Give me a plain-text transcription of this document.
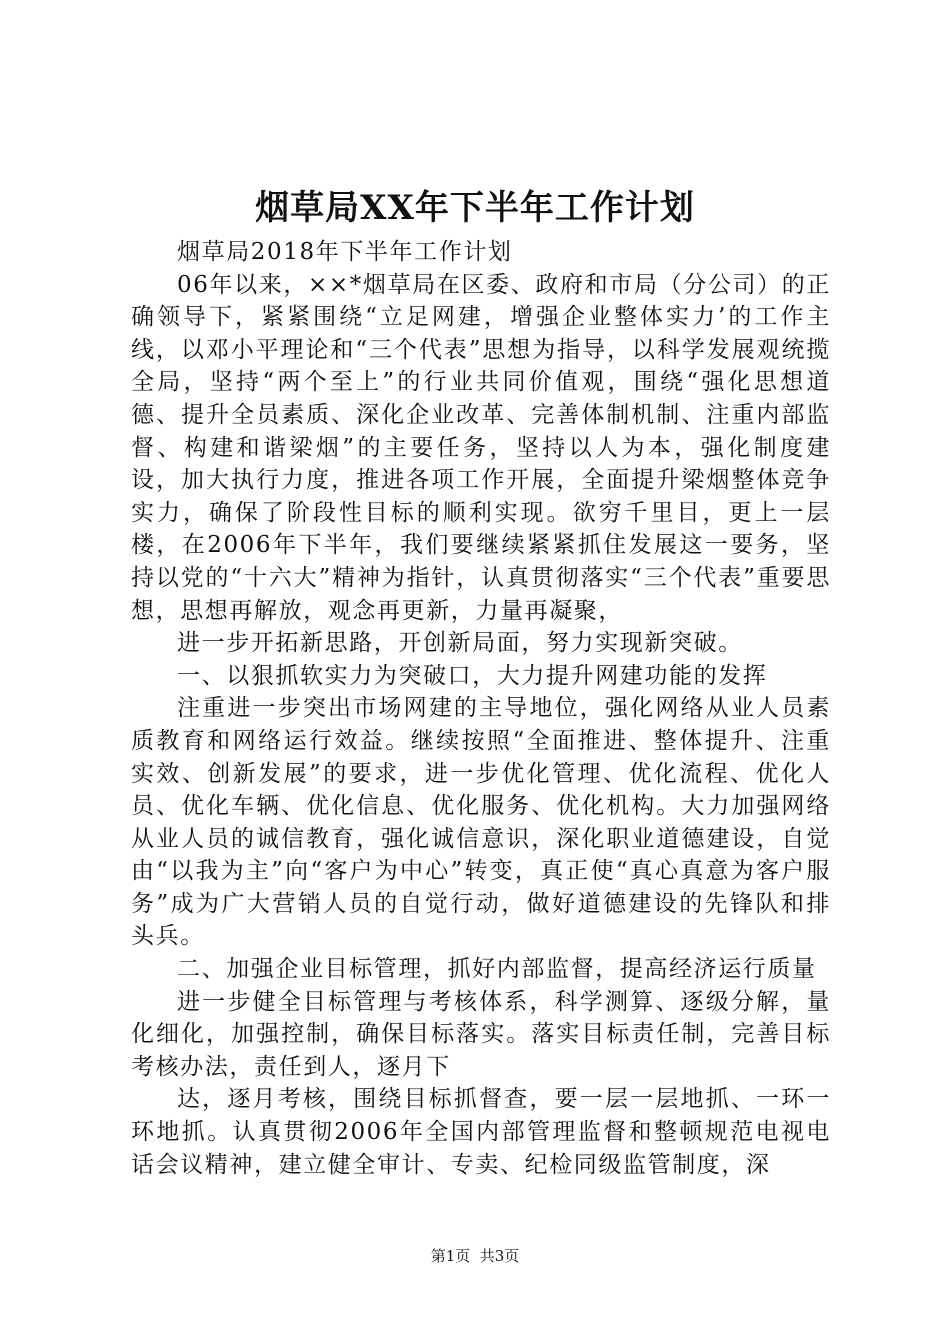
烟草局XX年下半年工作计划

烟草局2018年下半年工作计划

06年以来，××*烟草局在区委、政府和市局（分公司）的正确领导下，紧紧围绕“立足网建，增强企业整体实力’的工作主线，以邓小平理论和“三个代表”思想为指导，以科学发展观统揽全局，坚持“两个至上”的行业共同价值观，围绕“强化思想道德、提升全员素质、深化企业改革、完善体制机制、注重内部监督、构建和谐梁烟”的主要任务，坚持以人为本，强化制度建设，加大执行力度，推进各项工作开展，全面提升梁烟整体竞争实力，确保了阶段性目标的顺利实现。欲穷千里目，更上一层楼，在2006年下半年，我们要继续紧紧抓住发展这一要务，坚持以党的“十六大”精神为指针，认真贯彻落实“三个代表”重要思想，思想再解放，观念再更新，力量再凝聚，

进一步开拓新思路，开创新局面，努力实现新突破。

一、以狠抓软实力为突破口，大力提升网建功能的发挥

注重进一步突出市场网建的主导地位，强化网络从业人员素质教育和网络运行效益。继续按照“全面推进、整体提升、注重实效、创新发展”的要求，进一步优化管理、优化流程、优化人员、优化车辆、优化信息、优化服务、优化机构。大力加强网络从业人员的诚信教育，强化诚信意识，深化职业道德建设，自觉由“以我为主”向“客户为中心”转变，真正使“真心真意为客户服务”成为广大营销人员的自觉行动，做好道德建设的先锋队和排头兵。

二、加强企业目标管理，抓好内部监督，提高经济运行质量

进一步健全目标管理与考核体系，科学测算、逐级分解，量化细化，加强控制，确保目标落实。落实目标责任制，完善目标考核办法，责任到人，逐月下

达，逐月考核，围绕目标抓督查，要一层一层地抓、一环一环地抓。认真贯彻2006年全国内部管理监督和整顿规范电视电话会议精神，建立健全审计、专卖、纪检同级监管制度，深

第1页  共3页
